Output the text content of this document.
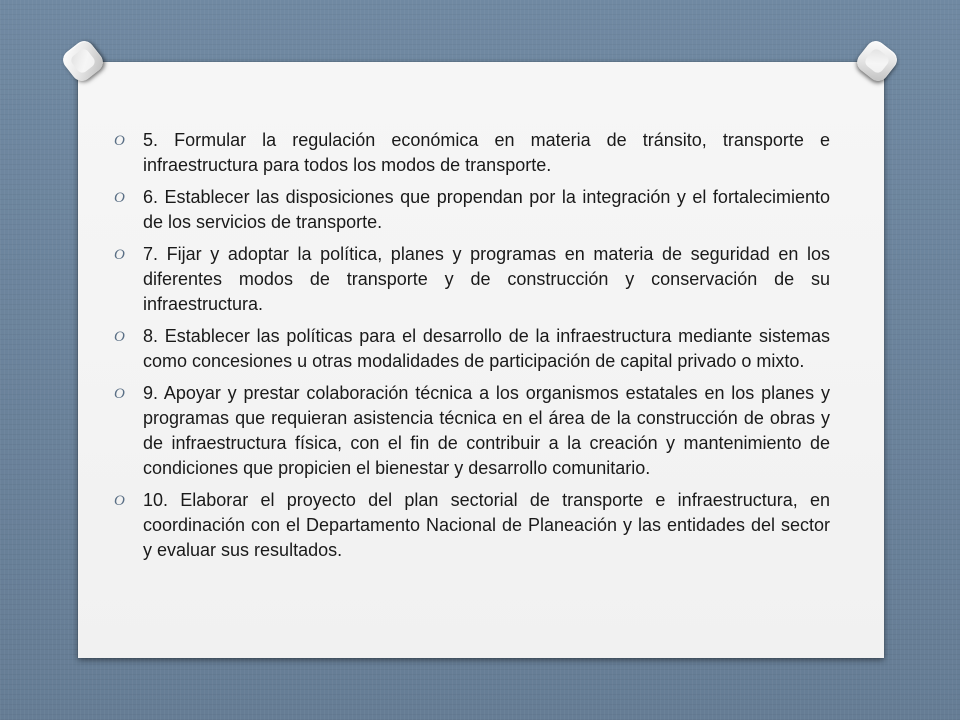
O 5. Formular la regulación económica en materia de tránsito, transporte e infraestructura para todos los modos de transporte.
O 6. Establecer las disposiciones que propendan por la integración y el fortalecimiento de los servicios de transporte.
O 7. Fijar y adoptar la política, planes y programas en materia de seguridad en los diferentes modos de transporte y de construcción y conservación de su infraestructura.
O 8. Establecer las políticas para el desarrollo de la infraestructura mediante sistemas como concesiones u otras modalidades de participación de capital privado o mixto.
O 9. Apoyar y prestar colaboración técnica a los organismos estatales en los planes y programas que requieran asistencia técnica en el área de la construcción de obras y de infraestructura física, con el fin de contribuir a la creación y mantenimiento de condiciones que propicien el bienestar y desarrollo comunitario.
O 10. Elaborar el proyecto del plan sectorial de transporte e infraestructura, en coordinación con el Departamento Nacional de Planeación y las entidades del sector y evaluar sus resultados.
